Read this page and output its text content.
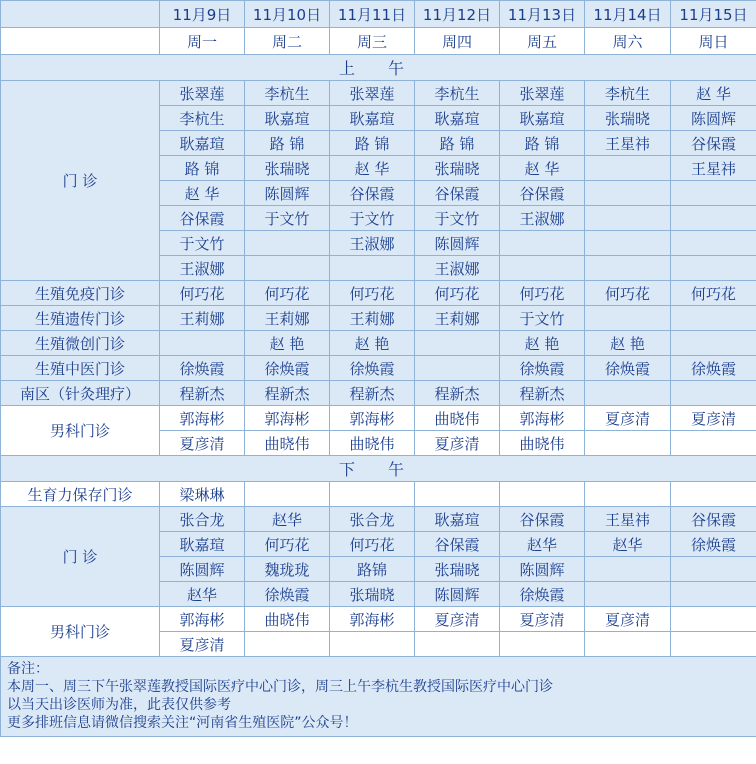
	11月9日	11月10日	11月11日	11月12日	11月13日	11月14日	11月15日
	周一	周二	周三	周四	周五	周六	周日
上 午							
门 诊	张翠莲	李杭生	张翠莲	李杭生	张翠莲	李杭生	赵 华
	李杭生	耿嘉瑄	耿嘉瑄	耿嘉瑄	耿嘉瑄	张瑞晓	陈圆辉
	耿嘉瑄	路 锦	路 锦	路 锦	路 锦	王星祎	谷保霞
	路 锦	张瑞晓	赵 华	张瑞晓	赵 华		王星祎
	赵 华	陈圆辉	谷保霞	谷保霞	谷保霞		
	谷保霞	于文竹	于文竹	于文竹	王淑娜		
	于文竹		王淑娜	陈圆辉			
	王淑娜			王淑娜			
生殖免疫门诊	何巧花	何巧花	何巧花	何巧花	何巧花	何巧花	何巧花
生殖遗传门诊	王莉娜	王莉娜	王莉娜	王莉娜	于文竹		
生殖微创门诊		赵 艳	赵 艳		赵 艳	赵 艳	
生殖中医门诊	徐焕霞	徐焕霞	徐焕霞		徐焕霞	徐焕霞	徐焕霞
南区（针灸理疗）	程新杰	程新杰	程新杰	程新杰	程新杰		
男科门诊	郭海彬	郭海彬	郭海彬	曲晓伟	郭海彬	夏彦清	夏彦清
	夏彦清	曲晓伟	曲晓伟	夏彦清	曲晓伟		
下 午							
生育力保存门诊	梁琳琳						
门 诊	张合龙	赵华	张合龙	耿嘉瑄	谷保霞	王星祎	谷保霞
	耿嘉瑄	何巧花	何巧花	谷保霞	赵华	赵华	徐焕霞
	陈圆辉	魏珑珑	路锦	张瑞晓	陈圆辉		
	赵华	徐焕霞	张瑞晓	陈圆辉	徐焕霞		
男科门诊	郭海彬	曲晓伟	郭海彬	夏彦清	夏彦清	夏彦清	
	夏彦清						

备注：
本周一、周三下午张翠莲教授国际医疗中心门诊，周三上午李杭生教授国际医疗中心门诊
以当天出诊医师为准，此表仅供参考
更多排班信息请微信搜索关注“河南省生殖医院”公众号！							
